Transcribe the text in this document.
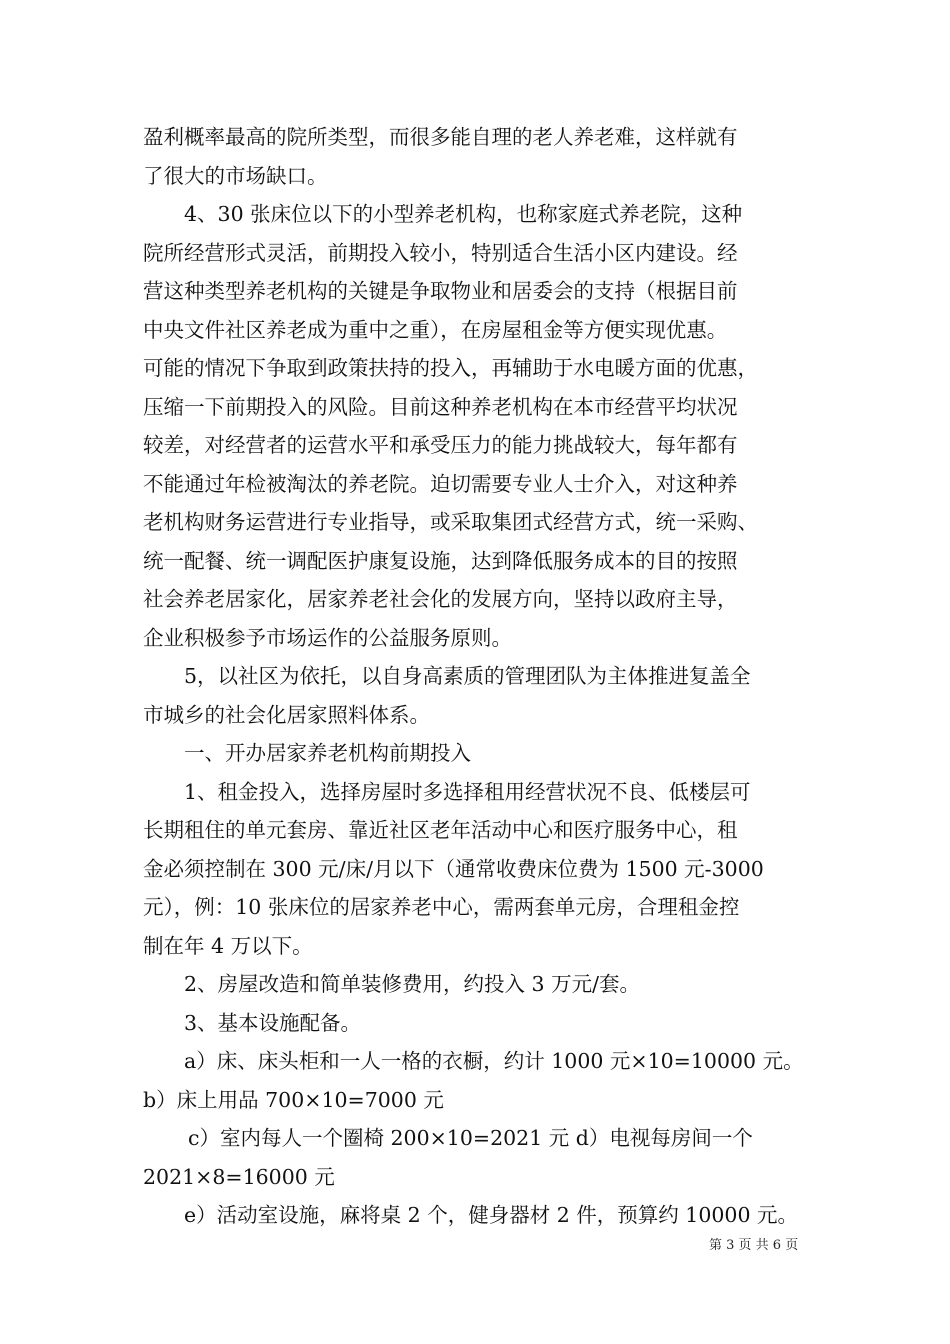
盈利概率最高的院所类型，而很多能自理的老人养老难，这样就有
了很大的市场缺口。
4、30 张床位以下的小型养老机构，也称家庭式养老院，这种
院所经营形式灵活，前期投入较小，特别适合生活小区内建设。经
营这种类型养老机构的关键是争取物业和居委会的支持（根据目前
中央文件社区养老成为重中之重），在房屋租金等方便实现优惠。
可能的情况下争取到政策扶持的投入，再辅助于水电暖方面的优惠，
压缩一下前期投入的风险。目前这种养老机构在本市经营平均状况
较差，对经营者的运营水平和承受压力的能力挑战较大，每年都有
不能通过年检被淘汰的养老院。迫切需要专业人士介入，对这种养
老机构财务运营进行专业指导，或采取集团式经营方式，统一采购、
统一配餐、统一调配医护康复设施，达到降低服务成本的目的按照
社会养老居家化，居家养老社会化的发展方向，坚持以政府主导，
企业积极参予市场运作的公益服务原则。
5，以社区为依托，以自身高素质的管理团队为主体推进复盖全
市城乡的社会化居家照料体系。
一、开办居家养老机构前期投入
1、租金投入，选择房屋时多选择租用经营状况不良、低楼层可
长期租住的单元套房、靠近社区老年活动中心和医疗服务中心，租
金必须控制在 300 元/床/月以下（通常收费床位费为 1500 元-3000
元），例：10 张床位的居家养老中心，需两套单元房，合理租金控
制在年 4 万以下。
2、房屋改造和简单装修费用，约投入 3 万元/套。
3、基本设施配备。
a）床、床头柜和一人一格的衣橱，约计 1000 元×10=10000 元。
b）床上用品 700×10=7000 元
c）室内每人一个圈椅 200×10=2021 元 d）电视每房间一个
2021×8=16000 元
e）活动室设施，麻将桌 2 个，健身器材 2 件，预算约 10000 元。
第 3 页 共 6 页
